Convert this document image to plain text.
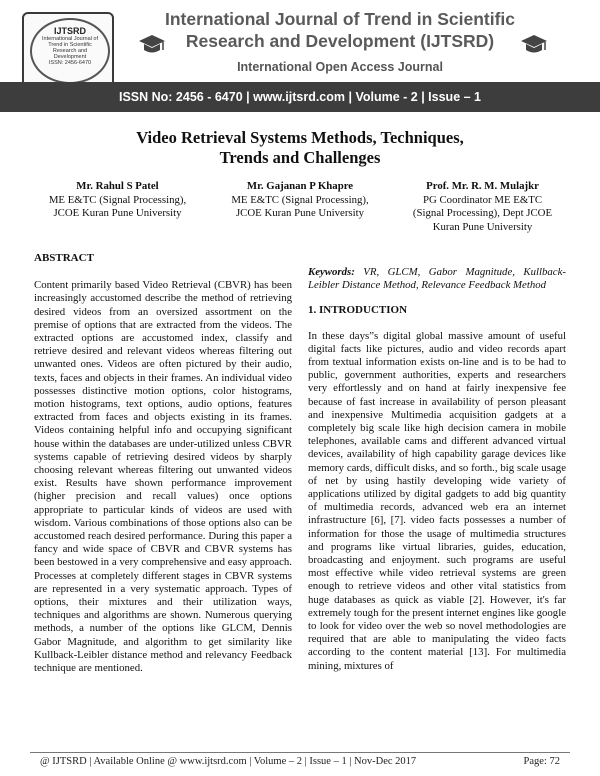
IJTSRD
International Journal of
Trend in Scientific
Research and
Development
ISSN: 2456-6470
International Journal of Trend in Scientific
Research and Development (IJTSRD)
International Open Access Journal
ISSN No: 2456 - 6470 | www.ijtsrd.com | Volume - 2 | Issue – 1
Video Retrieval Systems Methods, Techniques,
Trends and Challenges
Mr. Rahul S Patel
ME E&TC (Signal Processing),
JCOE Kuran Pune University
Mr. Gajanan P Khapre
ME E&TC (Signal Processing),
JCOE Kuran Pune University
Prof. Mr. R. M. Mulajkr
PG Coordinator ME E&TC
(Signal Processing), Dept JCOE
Kuran Pune University
ABSTRACT

Content primarily based Video Retrieval (CBVR) has been increasingly accustomed describe the method of retrieving desired videos from an oversized assortment on the premise of options that are extracted from the videos. The extracted options are accustomed index, classify and retrieve desired and relevant videos whereas filtering out unwanted ones. Videos are often pictured by their audio, texts, faces and objects in their frames. An individual video possesses distinctive motion options, color histograms, motion histograms, text options, audio options, features extracted from faces and objects existing in its frames. Videos containing helpful info and occupying significant house within the databases are under-utilized unless CBVR systems capable of retrieving desired videos by sharply choosing relevant whereas filtering out unwanted videos exist. Results have shown performance improvement (higher precision and recall values) once options appropriate to particular kinds of videos are used with wisdom. Various combinations of those options also can be accustomed reach desired performance. During this paper a fancy and wide space of CBVR and CBVR systems has been bestowed in a very comprehensive and easy approach. Processes at completely different stages in CBVR systems are represented in a very systematic approach. Types of options, their mixtures and their utilization ways, techniques and algorithms are shown. Numerous querying methods, a number of the options like GLCM, Dennis Gabor Magnitude, and algorithm to get similarity like Kullback-Leibler distance method and relevancy Feedback technique are mentioned.

Keywords: VR, GLCM, Gabor Magnitude, Kullback-Leibler Distance Method, Relevance Feedback Method

1. INTRODUCTION

In these days”s digital global massive amount of useful digital facts like pictures, audio and video records apart from textual information exists on-line and is to be had to public, government authorities, experts and researchers very effortlessly and on hand at fairly inexpensive fee because of fast increase in availability of person pleasant and inexpensive Multimedia acquisition gadgets at a completely big scale like high decision camera in mobile telephones, available cams and different advanced virtual devices, availability of high capability garage devices like memory cards, difficult disks, and so forth., big scale usage of net by using hastily developing wide variety of applications utilized by digital gadgets to add big quantity of multimedia records, advanced web era an internet infrastructure [6], [7]. video facts possesses a number of information for those the usage of multimedia structures and programs like virtual libraries, guides, education, broadcasting and enjoyment. such programs are useful most effective while video retrieval systems are green enough to retrieve videos and other vital statistics from huge databases as quick as viable [2]. However, it's far extremely tough for the present internet engines like google to look for video over the web so novel methodologies are required that are able to manipulating the video facts according to the content material [13]. For multimedia mining, mixtures of

@ IJTSRD | Available Online @ www.ijtsrd.com | Volume – 2 | Issue – 1 | Nov-Dec 2017	Page: 72
